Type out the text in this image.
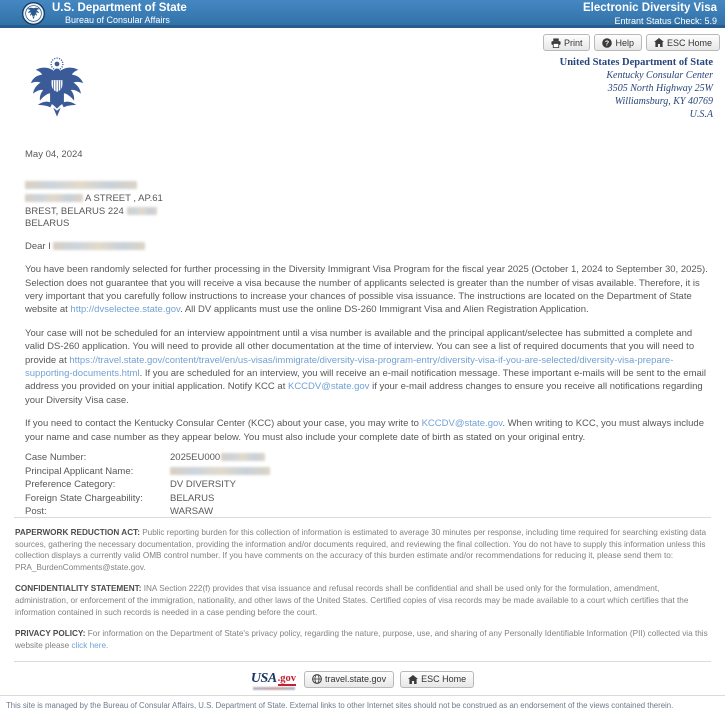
U.S. Department of State
Bureau of Consular Affairs
Electronic Diversity Visa
Entrant Status Check: 5.9
Print	? Help	ESC Home
United States Department of State
Kentucky Consular Center
3505 North Highway 25W
Williamsburg, KY 40769
U.S.A
May 04, 2024
A STREET , AP.61
BREST, BELARUS 224
BELARUS
Dear I

You have been randomly selected for further processing in the Diversity Immigrant Visa Program for the fiscal year 2025 (October 1, 2024 to September 30, 2025). Selection does not guarantee that you will receive a visa because the number of applicants selected is greater than the number of visas available. Therefore, it is very important that you carefully follow instructions to increase your chances of possible visa issuance. The instructions are located on the Department of State website at http://dvselectee.state.gov. All DV applicants must use the online DS-260 Immigrant Visa and Alien Registration Application.

Your case will not be scheduled for an interview appointment until a visa number is available and the principal applicant/selectee has submitted a complete and valid DS-260 application. You will need to provide all other documentation at the time of interview. You can see a list of required documents that you will need to provide at https://travel.state.gov/content/travel/en/us-visas/immigrate/diversity-visa-program-entry/diversity-visa-if-you-are-selected/diversity-visa-prepare-supporting-documents.html. If you are scheduled for an interview, you will receive an e-mail notification message. These important e-mails will be sent to the email address you provided on your initial application. Notify KCC at KCCDV@state.gov if your e-mail address changes to ensure you receive all notifications regarding your Diversity Visa case.

If you need to contact the Kentucky Consular Center (KCC) about your case, you may write to KCCDV@state.gov. When writing to KCC, you must always include your name and case number as they appear below. You must also include your complete date of birth as stated on your original entry.

Case Number:	2025EU000
Principal Applicant Name:
Preference Category:	DV DIVERSITY
Foreign State Chargeability:	BELARUS
Post:	WARSAW

PAPERWORK REDUCTION ACT: Public reporting burden for this collection of information is estimated to average 30 minutes per response, including time required for searching existing data sources, gathering the necessary documentation, providing the information and/or documents required, and reviewing the final collection. You do not have to supply this information unless this collection displays a currently valid OMB control number. If you have comments on the accuracy of this burden estimate and/or recommendations for reducing it, please send them to: PRA_BurdenComments@state.gov.

CONFIDENTIALITY STATEMENT: INA Section 222(f) provides that visa issuance and refusal records shall be confidential and shall be used only for the formulation, amendment, administration, or enforcement of the immigration, nationality, and other laws of the United States. Certified copies of visa records may be made available to a court which certifies that the information contained in such records is needed in a case pending before the court.

PRIVACY POLICY: For information on the Department of State's privacy policy, regarding the nature, purpose, use, and sharing of any Personally Identifiable Information (PII) collected via this website please click here.

USA .gov	travel.state.gov	ESC Home
This site is managed by the Bureau of Consular Affairs, U.S. Department of State. External links to other Internet sites should not be construed as an endorsement of the views contained therein.
